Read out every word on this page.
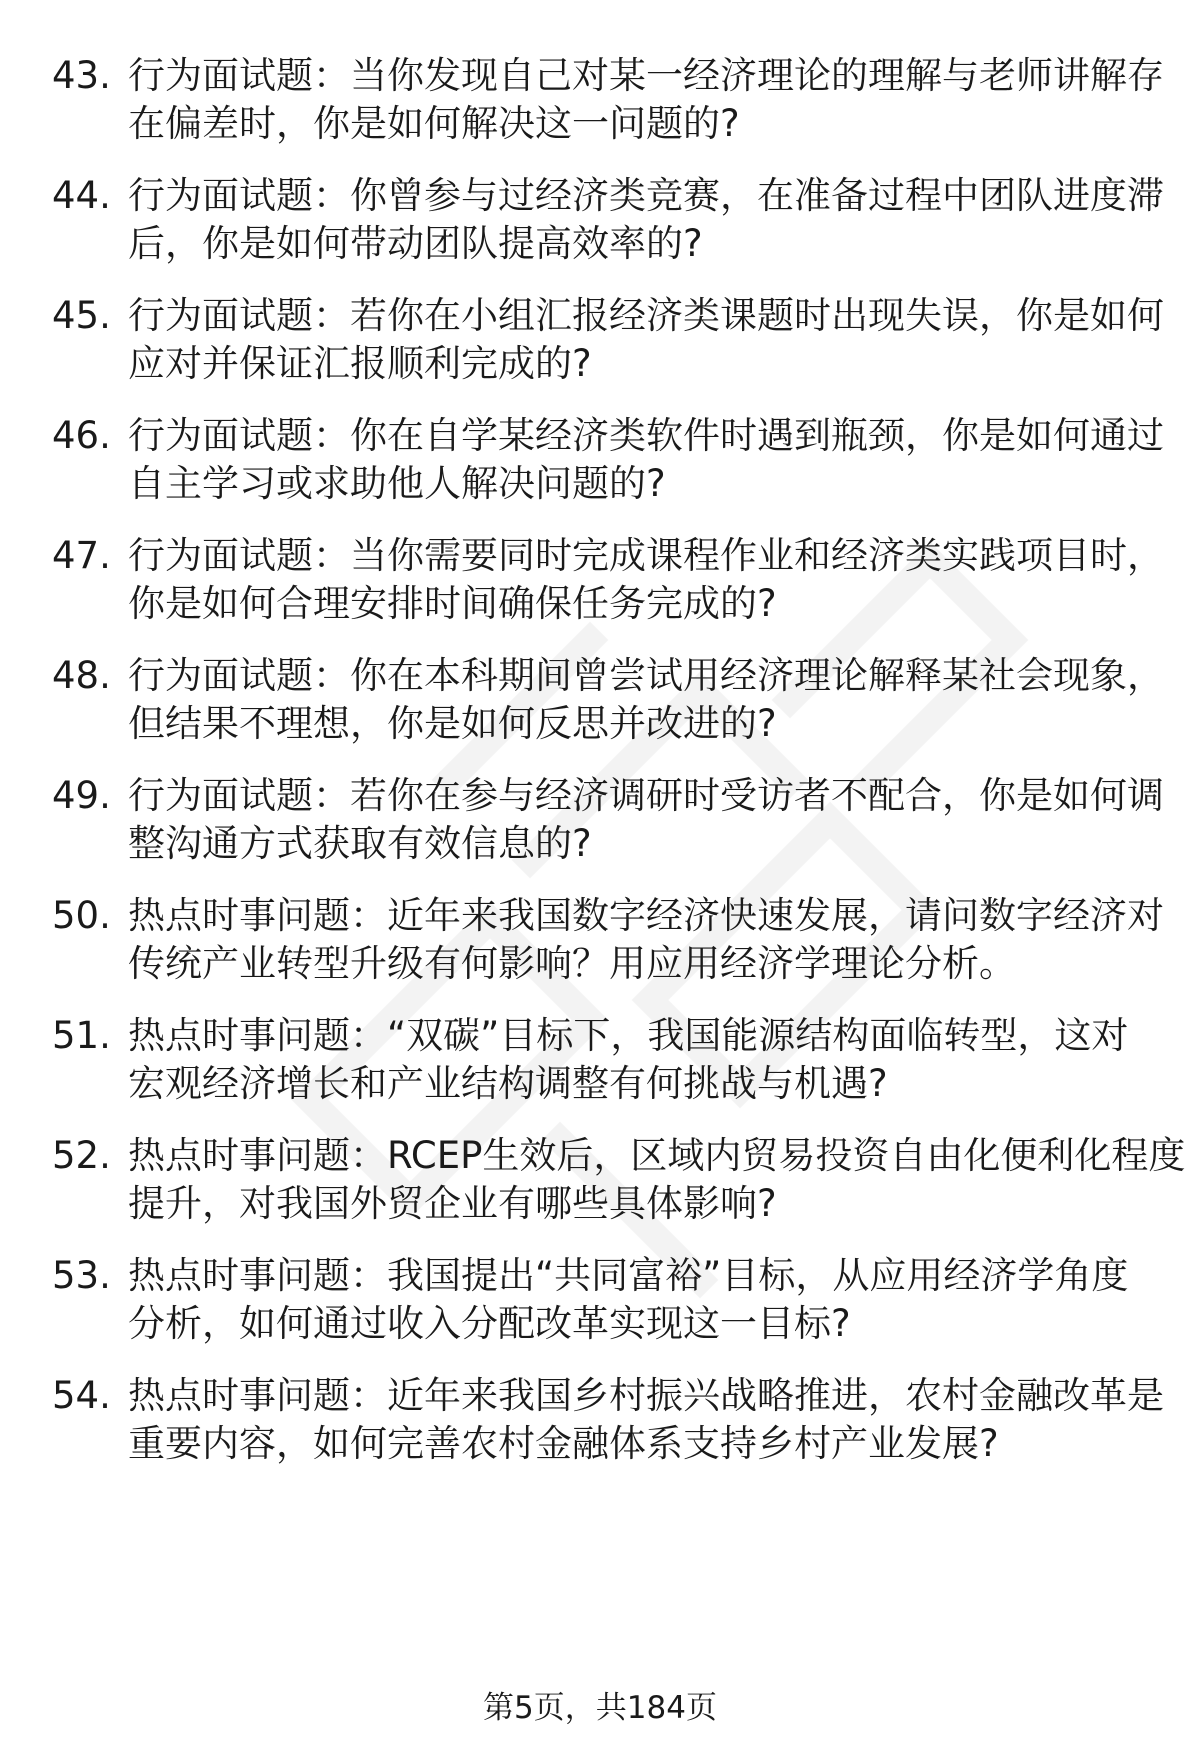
43. 行为面试题：当你发现自己对某一经济理论的理解与老师讲解存
在偏差时，你是如何解决这一问题的?
44. 行为面试题：你曾参与过经济类竞赛，在准备过程中团队进度滞
后，你是如何带动团队提高效率的?
45. 行为面试题：若你在小组汇报经济类课题时出现失误，你是如何
应对并保证汇报顺利完成的?
46. 行为面试题：你在自学某经济类软件时遇到瓶颈，你是如何通过
自主学习或求助他人解决问题的?
47. 行为面试题：当你需要同时完成课程作业和经济类实践项目时，
你是如何合理安排时间确保任务完成的?
48. 行为面试题：你在本科期间曾尝试用经济理论解释某社会现象，
但结果不理想，你是如何反思并改进的?
49. 行为面试题：若你在参与经济调研时受访者不配合，你是如何调
整沟通方式获取有效信息的?
50. 热点时事问题：近年来我国数字经济快速发展，请问数字经济对
传统产业转型升级有何影响？用应用经济学理论分析。
51. 热点时事问题：“双碳”目标下，我国能源结构面临转型，这对
宏观经济增长和产业结构调整有何挑战与机遇?
52. 热点时事问题：RCEP生效后，区域内贸易投资自由化便利化程度
提升，对我国外贸企业有哪些具体影响?
53. 热点时事问题：我国提出“共同富裕”目标，从应用经济学角度
分析，如何通过收入分配改革实现这一目标?
54. 热点时事问题：近年来我国乡村振兴战略推进，农村金融改革是
重要内容，如何完善农村金融体系支持乡村产业发展?
第5页，共184页
